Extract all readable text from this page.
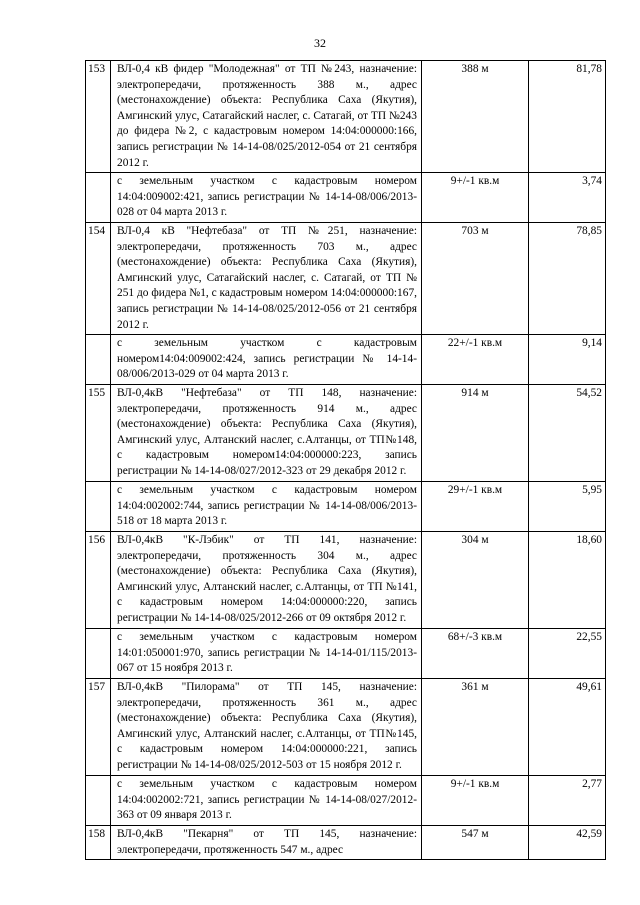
32
153	ВЛ-0,4 кВ фидер "Молодежная" от ТП №243, назначение: электропередачи, протяженность 388 м., адрес (местонахождение) объекта: Республика Саха (Якутия), Амгинский улус, Сатагайский наслег, с. Сатагай, от ТП №243 до фидера №2, с кадастровым номером 14:04:000000:166, запись регистрации № 14-14-08/025/2012-054 от 21 сентября 2012 г.	388 м	81,78
	с земельным участком с кадастровым номером 14:04:009002:421, запись регистрации № 14-14-08/006/2013-028 от 04 марта 2013 г.	9+/-1 кв.м	3,74
154	ВЛ-0,4 кВ "Нефтебаза" от ТП №251, назначение: электропередачи, протяженность 703 м., адрес (местонахождение) объекта: Республика Саха (Якутия), Амгинский улус, Сатагайский наслег, с. Сатагай, от ТП № 251 до фидера №1, с кадастровым номером 14:04:000000:167, запись регистрации № 14-14-08/025/2012-056 от 21 сентября 2012 г.	703 м	78,85
	с земельным участком с кадастровым номером14:04:009002:424, запись регистрации № 14-14-08/006/2013-029 от 04 марта 2013 г.	22+/-1 кв.м	9,14
155	ВЛ-0,4кВ "Нефтебаза" от ТП 148, назначение: электропередачи, протяженность 914 м., адрес (местонахождение) объекта: Республика Саха (Якутия), Амгинский улус, Алтанский наслег, с.Алтанцы, от ТП№148, с кадастровым номером14:04:000000:223, запись регистрации № 14-14-08/027/2012-323 от 29 декабря 2012 г.	914 м	54,52
	с земельным участком с кадастровым номером 14:04:002002:744, запись регистрации № 14-14-08/006/2013-518 от 18 марта 2013 г.	29+/-1 кв.м	5,95
156	ВЛ-0,4кВ "К-Лэбик" от ТП 141, назначение: электропередачи, протяженность 304 м., адрес (местонахождение) объекта: Республика Саха (Якутия), Амгинский улус, Алтанский наслег, с.Алтанцы, от ТП №141, с кадастровым номером 14:04:000000:220, запись регистрации № 14-14-08/025/2012-266 от 09 октября 2012 г.	304 м	18,60
	с земельным участком с кадастровым номером 14:01:050001:970, запись регистрации № 14-14-01/115/2013-067 от 15 ноября 2013 г.	68+/-3 кв.м	22,55
157	ВЛ-0,4кВ "Пилорама" от ТП 145, назначение: электропередачи, протяженность 361 м., адрес (местонахождение) объекта: Республика Саха (Якутия), Амгинский улус, Алтанский наслег, с.Алтанцы, от ТП№145, с кадастровым номером 14:04:000000:221, запись регистрации № 14-14-08/025/2012-503 от 15 ноября 2012 г.	361 м	49,61
	с земельным участком с кадастровым номером 14:04:002002:721, запись регистрации № 14-14-08/027/2012-363 от 09 января 2013 г.	9+/-1 кв.м	2,77
158	ВЛ-0,4кВ "Пекарня" от ТП 145, назначение: электропередачи, протяженность 547 м., адрес	547 м	42,59
